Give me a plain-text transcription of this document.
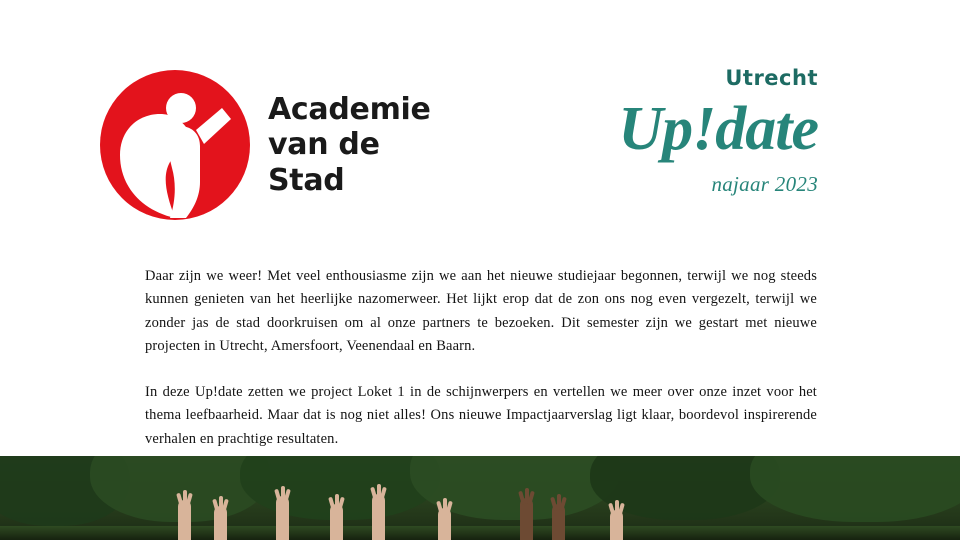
Academie
van de
Stad
Utrecht
Up!date
najaar 2023

Daar zijn we weer! Met veel enthousiasme zijn we aan het nieuwe studiejaar begonnen, terwijl we nog steeds kunnen genieten van het heerlijke nazomerweer. Het lijkt erop dat de zon ons nog even vergezelt, terwijl we zonder jas de stad doorkruisen om al onze partners te bezoeken. Dit semester zijn we gestart met nieuwe projecten in Utrecht, Amersfoort, Veenendaal en Baarn.

In deze Up!date zetten we project Loket 1 in de schijnwerpers en vertellen we meer over onze inzet voor het thema leefbaarheid. Maar dat is nog niet alles! Ons nieuwe Impactjaarverslag ligt klaar, boordevol inspirerende verhalen en prachtige resultaten.
